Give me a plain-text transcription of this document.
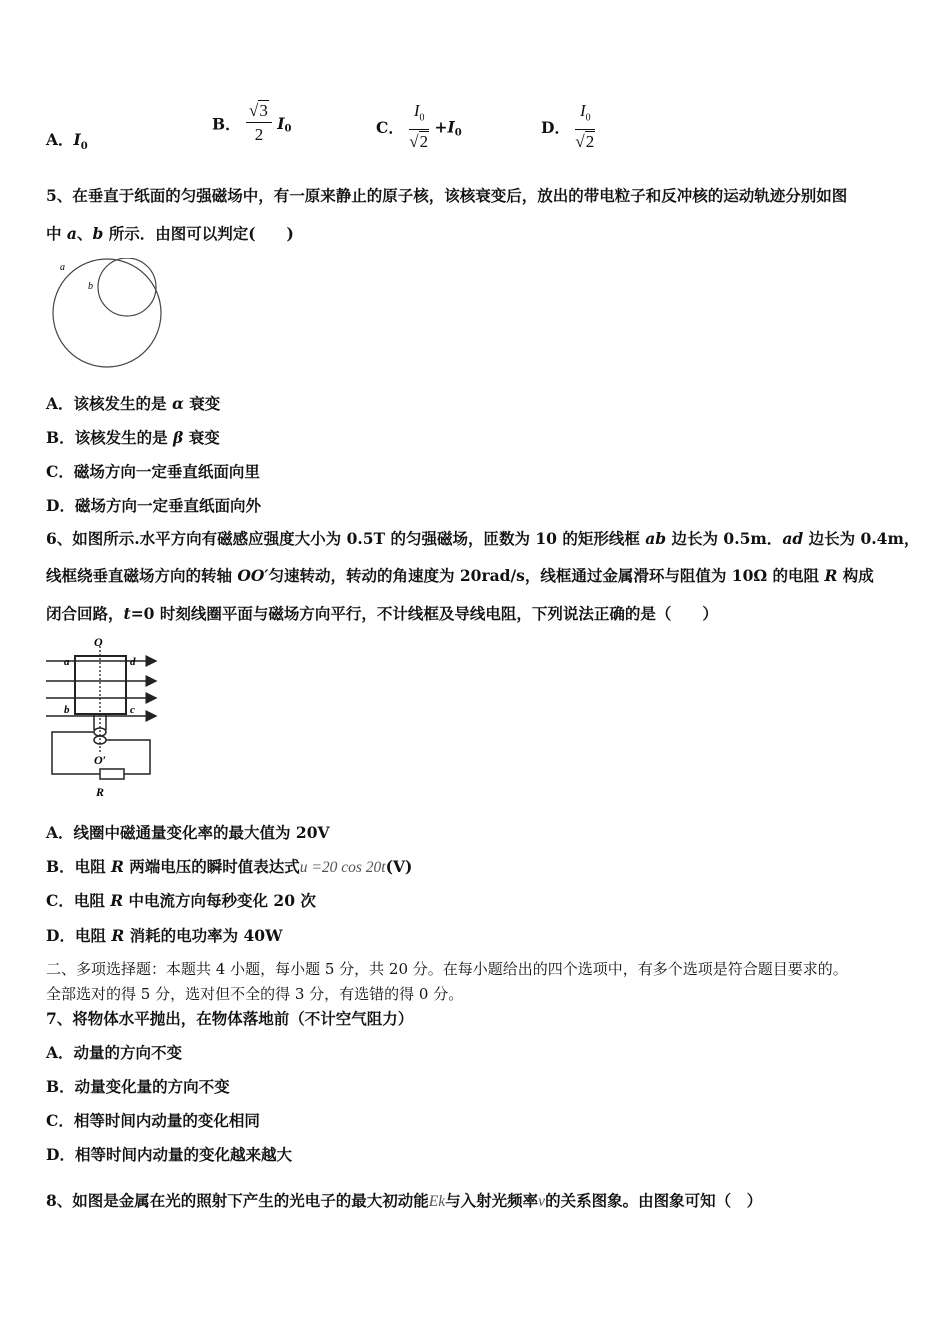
A．$I_0$
B． $\frac{√3}{2} I_0$	C． $\frac{I_0}{√2} +I_0$	D． $\frac{I_0}{√2}$
5、在垂直于纸面的匀强磁场中，有一原来静止的原子核，该核衰变后，放出的带电粒子和反冲核的运动轨迹分别如图
中 a、b 所示．由图可以判定(　　)
a
b
A．该核发生的是 α 衰变
B．该核发生的是 β 衰变
C．磁场方向一定垂直纸面向里
D．磁场方向一定垂直纸面向外
6、如图所示.水平方向有磁感应强度大小为 0.5T 的匀强磁场，匝数为 10 的矩形线框 ab 边长为 0.5m．ad 边长为 0.4m，
线框绕垂直磁场方向的转轴 OO′匀速转动，转动的角速度为 20rad/s，线框通过金属滑环与阻值为 10Ω 的电阻 R 构成
闭合回路，t=0 时刻线圈平面与磁场方向平行，不计线框及导线电阻，下列说法正确的是（　　）
O
a	d
b	c
O′
R
A．线圈中磁通量变化率的最大值为 20V
B．电阻 R 两端电压的瞬时值表达式u =20 cos 20t(V)
C．电阻 R 中电流方向每秒变化 20 次
D．电阻 R 消耗的电功率为 40W
二、多项选择题：本题共 4 小题，每小题 5 分，共 20 分。在每小题给出的四个选项中，有多个选项是符合题目要求的。
全部选对的得 5 分，选对但不全的得 3 分，有选错的得 0 分。
7、将物体水平抛出，在物体落地前（不计空气阻力）
A．动量的方向不变
B．动量变化量的方向不变
C．相等时间内动量的变化相同
D．相等时间内动量的变化越来越大
8、如图是金属在光的照射下产生的光电子的最大初动能Ek与入射光频率ν的关系图象。由图象可知（　）
